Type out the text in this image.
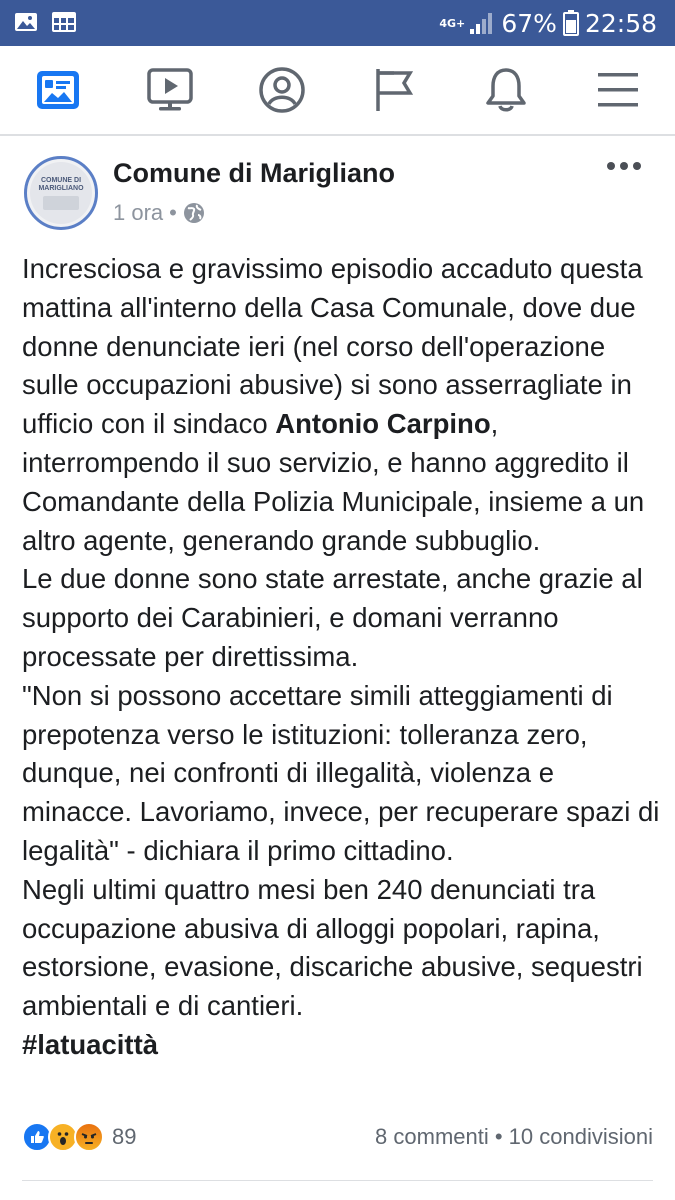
4G+ 67% 22:58
COMUNE DI MARIGLIANO Comune di Marigliano
1 ora •

Incresciosa e gravissimo episodio accaduto questa mattina all'interno della Casa Comunale, dove due donne denunciate ieri (nel corso dell'operazione sulle occupazioni abusive) si sono asserragliate in ufficio con il sindaco Antonio Carpino, interrompendo il suo servizio, e hanno aggredito il Comandante della Polizia Municipale, insieme a un altro agente, generando grande subbuglio.

Le due donne sono state arrestate, anche grazie al supporto dei Carabinieri, e domani verranno processate per direttissima.

"Non si possono accettare simili atteggiamenti di prepotenza verso le istituzioni: tolleranza zero, dunque, nei confronti di illegalità, violenza e minacce. Lavoriamo, invece, per recuperare spazi di legalità" - dichiara il primo cittadino.

Negli ultimi quattro mesi ben 240 denunciati tra occupazione abusiva di alloggi popolari, rapina, estorsione, evasione, discariche abusive, sequestri ambientali e di cantieri.

#latuacittà

89	8 commenti • 10 condivisioni
